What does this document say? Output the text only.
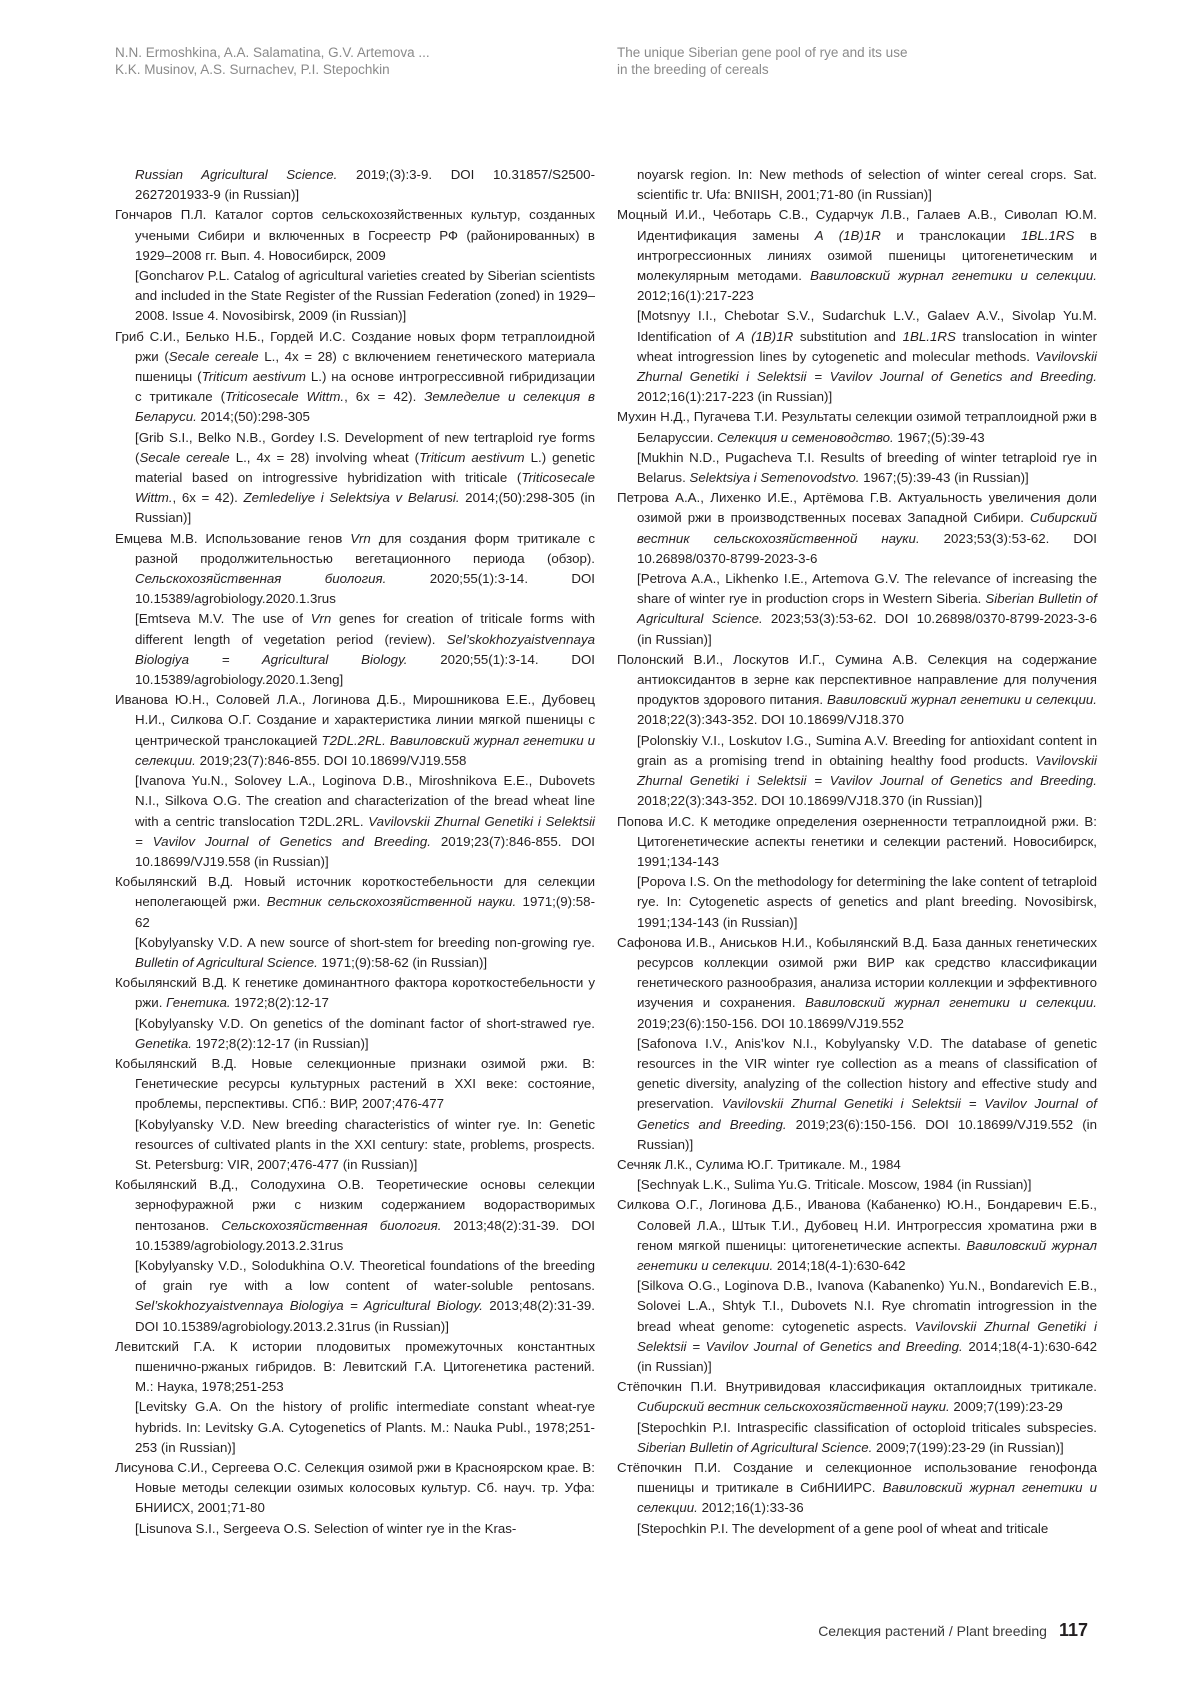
N.N. Ermoshkina, A.A. Salamatina, G.V. Artemova ...
K.K. Musinov, A.S. Surnachev, P.I. Stepochkin
The unique Siberian gene pool of rye and its use
in the breeding of cereals

Russian Agricultural Science. 2019;(3):3-9. DOI 10.31857/S2500-2627201933-9 (in Russian)]

Гончаров П.Л. Каталог сортов сельскохозяйственных культур, созданных учеными Сибири и включенных в Госреестр РФ (районированных) в 1929–2008 гг. Вып. 4. Новосибирск, 2009
[Goncharov P.L. Catalog of agricultural varieties created by Siberian scientists and included in the State Register of the Russian Federation (zoned) in 1929–2008. Issue 4. Novosibirsk, 2009 (in Russian)]

Гриб С.И., Белько Н.Б., Гордей И.С. Создание новых форм тетраплоидной ржи (Secale cereale L., 4x = 28) с включением генетического материала пшеницы (Triticum aestivum L.) на основе интрогрессивной гибридизации с тритикале (Triticosecale Wittm., 6x = 42). Земледелие и селекция в Беларуси. 2014;(50):298-305
[Grib S.I., Belko N.B., Gordey I.S. Development of new tertraploid rye forms (Secale cereale L., 4x = 28) involving wheat (Triticum aestivum L.) genetic material based on introgressive hybridization with triticale (Triticosecale Wittm., 6x = 42). Zemledeliye i Selektsiya v Belarusi. 2014;(50):298-305 (in Russian)]

Емцева М.В. Использование генов Vrn для создания форм тритикале с разной продолжительностью вегетационного периода (обзор). Сельскохозяйственная биология. 2020;55(1):3-14. DOI 10.15389/agrobiology.2020.1.3rus
[Emtseva M.V. The use of Vrn genes for creation of triticale forms with different length of vegetation period (review). Sel’skokhozyaistvennaya Biologiya = Agricultural Biology. 2020;55(1):3-14. DOI 10.15389/agrobiology.2020.1.3eng]

Иванова Ю.Н., Соловей Л.А., Логинова Д.Б., Мирошникова Е.Е., Дубовец Н.И., Силкова О.Г. Создание и характеристика линии мягкой пшеницы с центрической транслокацией T2DL.2RL. Вавиловский журнал генетики и селекции. 2019;23(7):846-855. DOI 10.18699/VJ19.558
[Ivanova Yu.N., Solovey L.A., Loginova D.B., Miroshnikova E.E., Dubovets N.I., Silkova O.G. The creation and characterization of the bread wheat line with a centric translocation T2DL.2RL. Vavilovskii Zhurnal Genetiki i Selektsii = Vavilov Journal of Genetics and Breeding. 2019;23(7):846-855. DOI 10.18699/VJ19.558 (in Russian)]

Кобылянский В.Д. Новый источник короткостебельности для селекции неполегающей ржи. Вестник сельскохозяйственной науки. 1971;(9):58-62
[Kobylyansky V.D. A new source of short-stem for breeding non-growing rye. Bulletin of Agricultural Science. 1971;(9):58-62 (in Russian)]

Кобылянский В.Д. К генетике доминантного фактора короткостебельности у ржи. Генетика. 1972;8(2):12-17
[Kobylyansky V.D. On genetics of the dominant factor of short-strawed rye. Genetika. 1972;8(2):12-17 (in Russian)]

Кобылянский В.Д. Новые селекционные признаки озимой ржи. В: Генетические ресурсы культурных растений в XXI веке: состояние, проблемы, перспективы. СПб.: ВИР, 2007;476-477
[Kobylyansky V.D. New breeding characteristics of winter rye. In: Genetic resources of cultivated plants in the XXI century: state, problems, prospects. St. Petersburg: VIR, 2007;476-477 (in Russian)]

Кобылянский В.Д., Солодухина О.В. Теоретические основы селекции зернофуражной ржи с низким содержанием водорастворимых пентозанов. Сельскохозяйственная биология. 2013;48(2):31-39. DOI 10.15389/agrobiology.2013.2.31rus
[Kobylyansky V.D., Solodukhina O.V. Theoretical foundations of the breeding of grain rye with a low content of water-soluble pentosans. Sel’skokhozyaistvennaya Biologiya = Agricultural Biology. 2013;48(2):31-39. DOI 10.15389/agrobiology.2013.2.31rus (in Russian)]

Левитский Г.А. К истории плодовитых промежуточных константных пшенично-ржаных гибридов. В: Левитский Г.А. Цитогенетика растений. М.: Наука, 1978;251-253
[Levitsky G.A. On the history of prolific intermediate constant wheat-rye hybrids. In: Levitsky G.A. Cytogenetics of Plants. M.: Nauka Publ., 1978;251-253 (in Russian)]

Лисунова С.И., Сергеева О.С. Селекция озимой ржи в Красноярском крае. В: Новые методы селекции озимых колосовых культур. Сб. науч. тр. Уфа: БНИИСХ, 2001;71-80
[Lisunova S.I., Sergeeva O.S. Selection of winter rye in the Kras-

noyarsk region. In: New methods of selection of winter cereal crops. Sat. scientific tr. Ufa: BNIISH, 2001;71-80 (in Russian)]

Моцный И.И., Чеботарь С.В., Сударчук Л.В., Галаев А.В., Сиволап Ю.М. Идентификация замены A (1B)1R и транслокации 1BL.1RS в интрогрессионных линиях озимой пшеницы цитогенетическим и молекулярным методами. Вавиловский журнал генетики и селекции. 2012;16(1):217-223
[Motsnyy I.I., Chebotar S.V., Sudarchuk L.V., Galaev A.V., Sivolap Yu.M. Identification of A (1B)1R substitution and 1BL.1RS translocation in winter wheat introgression lines by cytogenetic and molecular methods. Vavilovskii Zhurnal Genetiki i Selektsii = Vavilov Journal of Genetics and Breeding. 2012;16(1):217-223 (in Russian)]

Мухин Н.Д., Пугачева Т.И. Результаты селекции озимой тетраплоидной ржи в Беларуссии. Селекция и семеноводство. 1967;(5):39-43
[Mukhin N.D., Pugacheva T.I. Results of breeding of winter tetraploid rye in Belarus. Selektsiya i Semenovodstvo. 1967;(5):39-43 (in Russian)]

Петрова А.А., Лихенко И.Е., Артёмова Г.В. Актуальность увеличения доли озимой ржи в производственных посевах Западной Сибири. Сибирский вестник сельскохозяйственной науки. 2023;53(3):53-62. DOI 10.26898/0370-8799-2023-3-6
[Petrova A.A., Likhenko I.E., Artemova G.V. The relevance of increasing the share of winter rye in production crops in Western Siberia. Siberian Bulletin of Agricultural Science. 2023;53(3):53-62. DOI 10.26898/0370-8799-2023-3-6 (in Russian)]

Полонский В.И., Лоскутов И.Г., Сумина А.В. Селекция на содержание антиоксидантов в зерне как перспективное направление для получения продуктов здорового питания. Вавиловский журнал генетики и селекции. 2018;22(3):343-352. DOI 10.18699/VJ18.370
[Polonskiy V.I., Loskutov I.G., Sumina A.V. Breeding for antioxidant content in grain as a promising trend in obtaining healthy food products. Vavilovskii Zhurnal Genetiki i Selektsii = Vavilov Journal of Genetics and Breeding. 2018;22(3):343-352. DOI 10.18699/VJ18.370 (in Russian)]

Попова И.С. К методике определения озерненности тетраплоидной ржи. В: Цитогенетические аспекты генетики и селекции растений. Новосибирск, 1991;134-143
[Popova I.S. On the methodology for determining the lake content of tetraploid rye. In: Cytogenetic aspects of genetics and plant breeding. Novosibirsk, 1991;134-143 (in Russian)]

Сафонова И.В., Аниськов Н.И., Кобылянский В.Д. База данных генетических ресурсов коллекции озимой ржи ВИР как средство классификации генетического разнообразия, анализа истории коллекции и эффективного изучения и сохранения. Вавиловский журнал генетики и селекции. 2019;23(6):150-156. DOI 10.18699/VJ19.552
[Safonova I.V., Anis’kov N.I., Kobylyansky V.D. The database of genetic resources in the VIR winter rye collection as a means of classification of genetic diversity, analyzing of the collection history and effective study and preservation. Vavilovskii Zhurnal Genetiki i Selektsii = Vavilov Journal of Genetics and Breeding. 2019;23(6):150-156. DOI 10.18699/VJ19.552 (in Russian)]

Сечняк Л.К., Сулима Ю.Г. Тритикале. М., 1984
[Sechnyak L.K., Sulima Yu.G. Triticale. Moscow, 1984 (in Russian)]

Силкова О.Г., Логинова Д.Б., Иванова (Кабаненко) Ю.Н., Бондаревич Е.Б., Соловей Л.А., Штык Т.И., Дубовец Н.И. Интрогрессия хроматина ржи в геном мягкой пшеницы: цитогенетические аспекты. Вавиловский журнал генетики и селекции. 2014;18(4-1):630-642
[Silkova O.G., Loginova D.B., Ivanova (Kabanenko) Yu.N., Bondarevich E.B., Solovei L.A., Shtyk T.I., Dubovets N.I. Rye chromatin introgression in the bread wheat genome: cytogenetic aspects. Vavilovskii Zhurnal Genetiki i Selektsii = Vavilov Journal of Genetics and Breeding. 2014;18(4-1):630-642 (in Russian)]

Стёпочкин П.И. Внутривидовая классификация октаплоидных тритикале. Сибирский вестник сельскохозяйственной науки. 2009;7(199):23-29
[Stepochkin P.I. Intraspecific classification of octoploid triticales subspecies. Siberian Bulletin of Agricultural Science. 2009;7(199):23-29 (in Russian)]

Стёпочкин П.И. Создание и селекционное использование генофонда пшеницы и тритикале в СибНИИРС. Вавиловский журнал генетики и селекции. 2012;16(1):33-36
[Stepochkin P.I. The development of a gene pool of wheat and triticale

Селекция растений / Plant breeding 117
